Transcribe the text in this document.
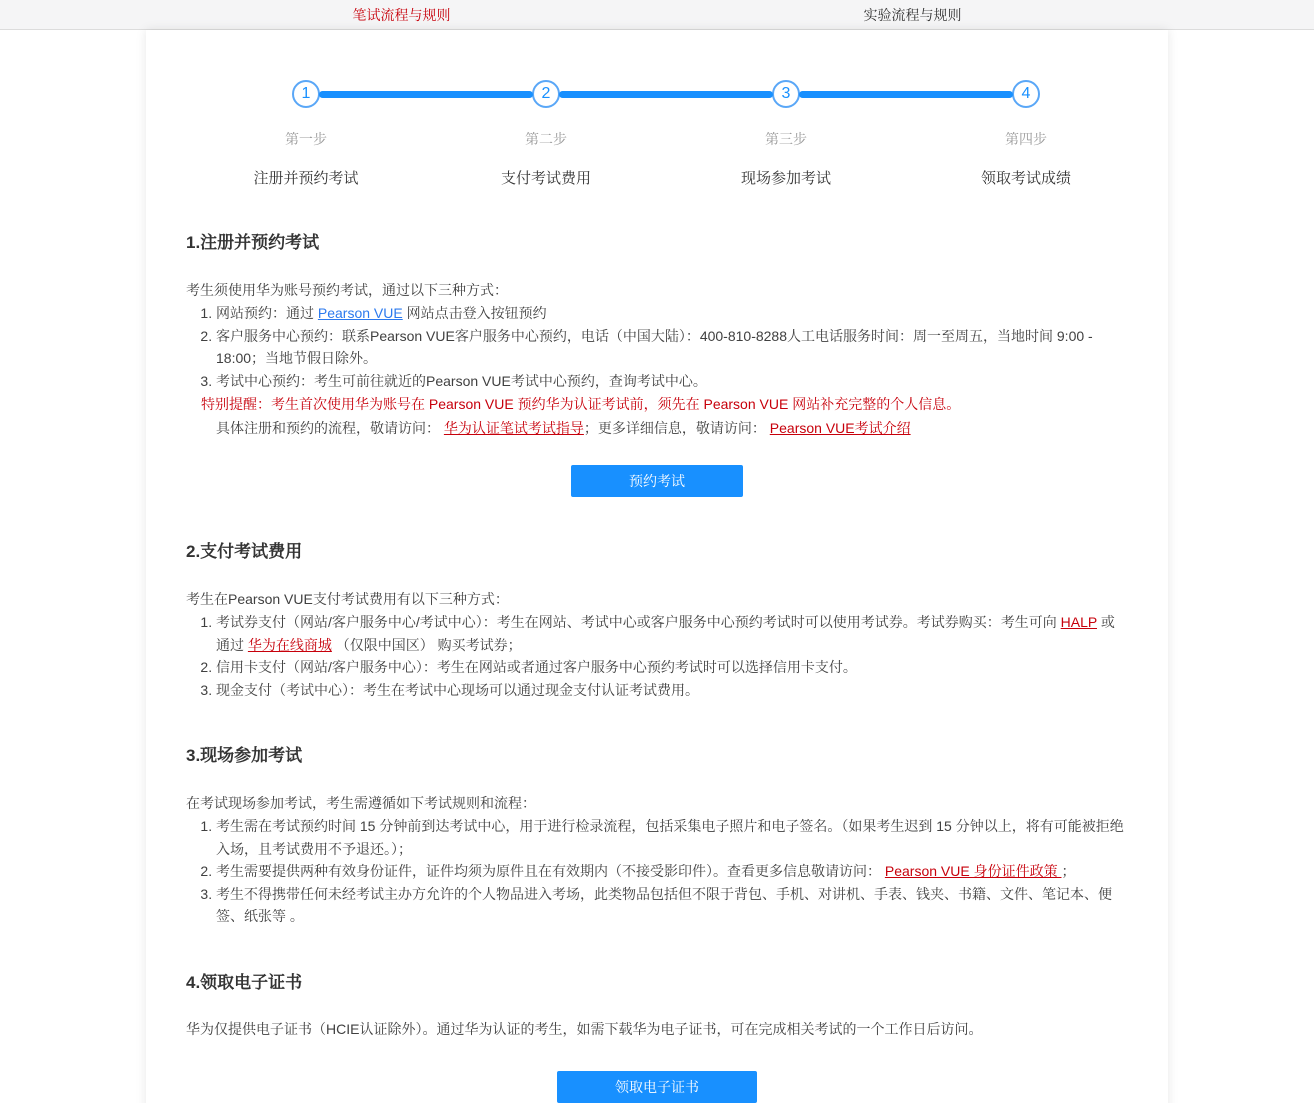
笔试流程与规则	实验流程与规则
1	2	3	4
第一步	第二步	第三步	第四步
注册并预约考试	支付考试费用	现场参加考试	领取考试成绩
1.注册并预约考试
考生须使用华为账号预约考试，通过以下三种方式：
1. 网站预约：通过 Pearson VUE 网站点击登入按钮预约
2. 客户服务中心预约：联系Pearson VUE客户服务中心预约，电话（中国大陆）：400-810-8288人工电话服务时间：周一至周五，当地时间 9:00 - 18:00；当地节假日除外。
3. 考试中心预约：考生可前往就近的Pearson VUE考试中心预约，查询考试中心。
特别提醒：考生首次使用华为账号在 Pearson VUE 预约华为认证考试前，须先在 Pearson VUE 网站补充完整的个人信息。
具体注册和预约的流程，敬请访问： 华为认证笔试考试指导；更多详细信息，敬请访问： Pearson VUE考试介绍
预约考试
2.支付考试费用
考生在Pearson VUE支付考试费用有以下三种方式：
1. 考试券支付（网站/客户服务中心/考试中心）：考生在网站、考试中心或客户服务中心预约考试时可以使用考试券。考试券购买：考生可向 HALP 或通过 华为在线商城 （仅限中国区） 购买考试券；
2. 信用卡支付（网站/客户服务中心）：考生在网站或者通过客户服务中心预约考试时可以选择信用卡支付。
3. 现金支付（考试中心）：考生在考试中心现场可以通过现金支付认证考试费用。
3.现场参加考试
在考试现场参加考试，考生需遵循如下考试规则和流程：
1. 考生需在考试预约时间 15 分钟前到达考试中心，用于进行检录流程，包括采集电子照片和电子签名。（如果考生迟到 15 分钟以上，将有可能被拒绝入场，且考试费用不予退还。）；
2. 考生需要提供两种有效身份证件，证件均须为原件且在有效期内（不接受影印件）。查看更多信息敬请访问： Pearson VUE 身份证件政策 ；
3. 考生不得携带任何未经考试主办方允许的个人物品进入考场，此类物品包括但不限于背包、手机、对讲机、手表、钱夹、书籍、文件、笔记本、便签、纸张等 。
4.领取电子证书
华为仅提供电子证书（HCIE认证除外）。通过华为认证的考生，如需下载华为电子证书，可在完成相关考试的一个工作日后访问。
领取电子证书
